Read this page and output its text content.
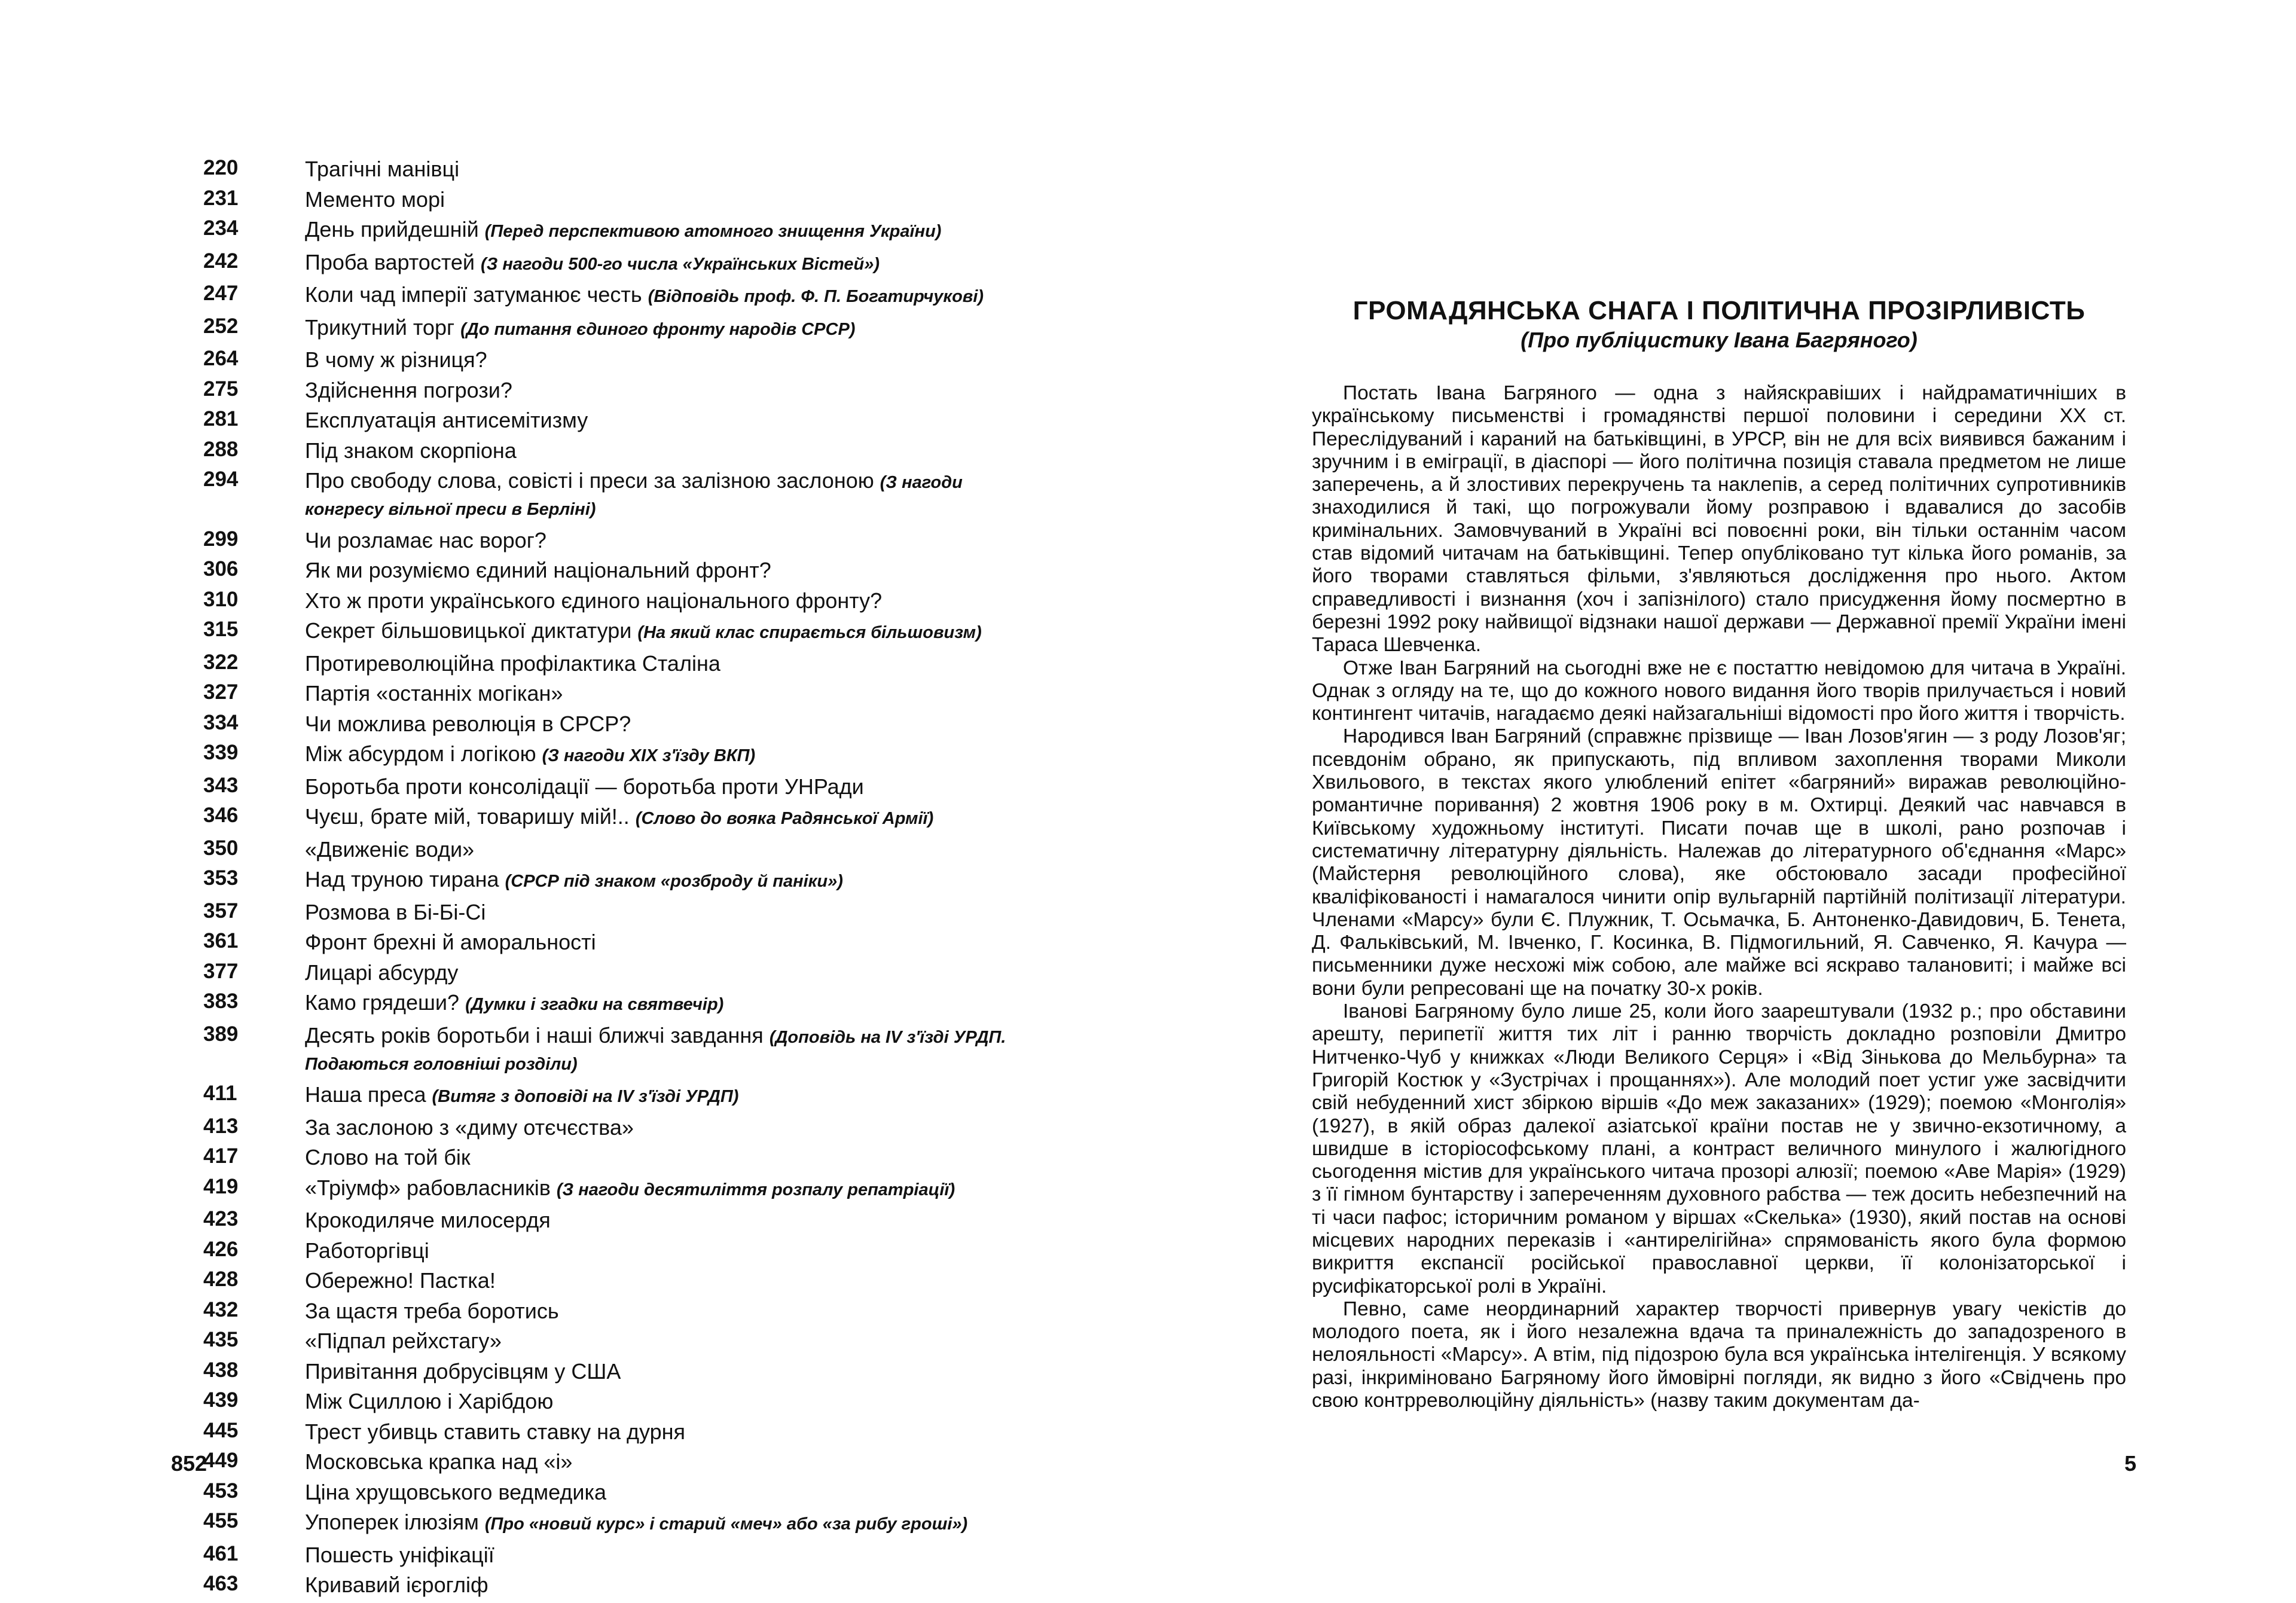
220	Трагічні манівці
231	Мементо морі
234	День прийдешній (Перед перспективою атомного знищення України)
242	Проба вартостей (З нагоди 500-го числа «Українських Вістей»)
247	Коли чад імперії затуманює честь (Відповідь проф. Ф. П. Богатирчукові)
252	Трикутний торг (До питання єдиного фронту народів СРСР)
264	В чому ж різниця?
275	Здійснення погрози?
281	Експлуатація антисемітизму
288	Під знаком скорпіона
294	Про свободу слова, совісті і преси за залізною заслоною (З нагоди конгресу вільної преси в Берліні)
299	Чи розламає нас ворог?
306	Як ми розуміємо єдиний національний фронт?
310	Хто ж проти українського єдиного національного фронту?
315	Секрет більшовицької диктатури (На який клас спирається більшовизм)
322	Протиреволюційна профілактика Сталіна
327	Партія «останніх могікан»
334	Чи можлива революція в СРСР?
339	Між абсурдом і логікою (З нагоди XIX з'їзду ВКП)
343	Боротьба проти консолідації — боротьба проти УНРади
346	Чуєш, брате мій, товаришу мій!.. (Слово до вояка Радянської Армії)
350	«Движеніє води»
353	Над труною тирана (СРСР під знаком «розброду й паніки»)
357	Розмова в Бі-Бі-Сі
361	Фронт брехні й аморальності
377	Лицарі абсурду
383	Камо грядеши? (Думки і згадки на святвечір)
389	Десять років боротьби і наші ближчі завдання (Доповідь на IV з'їзді УРДП. Подаються головніші розділи)
411	Наша преса (Витяг з доповіді на IV з'їзді УРДП)
413	За заслоною з «диму отєчєства»
417	Слово на той бік
419	«Тріумф» рабовласників (З нагоди десятиліття розпалу репатріації)
423	Крокодиляче милосердя
426	Работоргівці
428	Обережно! Пастка!
432	За щастя треба боротись
435	«Підпал рейхстагу»
438	Привітання добрусівцям у США
439	Між Сциллою і Харібдою
445	Трест убивць ставить ставку на дурня
449	Московська крапка над «і»
453	Ціна хрущовського ведмедика
455	Упоперек ілюзіям (Про «новий курс» і старий «меч» або «за рибу гроші»)
461	Пошесть уніфікації
463	Кривавий ієрогліф
852
ГРОМАДЯНСЬКА СНАГА І ПОЛІТИЧНА ПРОЗІРЛИВІСТЬ
(Про публіцистику Івана Багряного)

Постать Івана Багряного — одна з найяскравіших і найдраматичніших в українському письменстві і громадянстві першої половини і середини XX ст. Переслідуваний і караний на батьківщині, в УРСР, він не для всіх виявився бажаним і зручним і в еміграції, в діаспорі — його політична позиція ставала предметом не лише заперечень, а й злостивих перекручень та наклепів, а серед політичних супротивників знаходилися й такі, що погрожували йому розправою і вдавалися до засобів кримінальних. Замовчуваний в Україні всі повоєнні роки, він тільки останнім часом став відомий читачам на батьківщині. Тепер опубліковано тут кілька його романів, за його творами ставляться фільми, з'являються дослідження про нього. Актом справедливості і визнання (хоч і запізнілого) стало присудження йому посмертно в березні 1992 року найвищої відзнаки нашої держави — Державної премії України імені Тараса Шевченка.

Отже Іван Багряний на сьогодні вже не є постаттю невідомою для читача в Україні. Однак з огляду на те, що до кожного нового видання його творів прилучається і новий контингент читачів, нагадаємо деякі найзагальніші відомості про його життя і творчість.

Народився Іван Багряний (справжнє прізвище — Іван Лозов'ягин — з роду Лозов'яг; псевдонім обрано, як припускають, під впливом захоплення творами Миколи Хвильового, в текстах якого улюблений епітет «багряний» виражав революційно-романтичне поривання) 2 жовтня 1906 року в м. Охтирці. Деякий час навчався в Київському художньому інституті. Писати почав ще в школі, рано розпочав і систематичну літературну діяльність. Належав до літературного об'єднання «Марс» (Майстерня революційного слова), яке обстоювало засади професійної кваліфікованості і намагалося чинити опір вульгарній партійній політизації літератури. Членами «Марсу» були Є. Плужник, Т. Осьмачка, Б. Антоненко-Давидович, Б. Тенета, Д. Фальківський, М. Івченко, Г. Косинка, В. Підмогильний, Я. Савченко, Я. Качура — письменники дуже несхожі між собою, але майже всі яскраво талановиті; і майже всі вони були репресовані ще на початку 30-х років.

Іванові Багряному було лише 25, коли його заарештували (1932 р.; про обставини арешту, перипетії життя тих літ і ранню творчість докладно розповіли Дмитро Нитченко-Чуб у книжках «Люди Великого Серця» і «Від Зінькова до Мельбурна» та Григорій Костюк у «Зустрічах і прощаннях»). Але молодий поет устиг уже засвідчити свій небуденний хист збіркою віршів «До меж заказаних» (1929); поемою «Монголія» (1927), в якій образ далекої азіатської країни постав не у звично-екзотичному, а швидше в історіософському плані, а контраст величного минулого і жалюгідного сьогодення містив для українського читача прозорі алюзії; поемою «Аве Марія» (1929) з її гімном бунтарству і запереченням духовного рабства — теж досить небезпечний на ті часи пафос; історичним романом у віршах «Скелька» (1930), який постав на основі місцевих народних переказів і «антирелігійна» спрямованість якого була формою викриття експансії російської православної церкви, її колонізаторської і русифікаторської ролі в Україні.

Певно, саме неординарний характер творчості привернув увагу чекістів до молодого поета, як і його незалежна вдача та приналежність до западозреного в нелояльності «Марсу». А втім, під підозрою була вся українська інтелігенція. У всякому разі, інкриміновано Багряному його ймовірні погляди, як видно з його «Свідчень про свою контрреволюційну діяльність» (назву таким документам да-

5
